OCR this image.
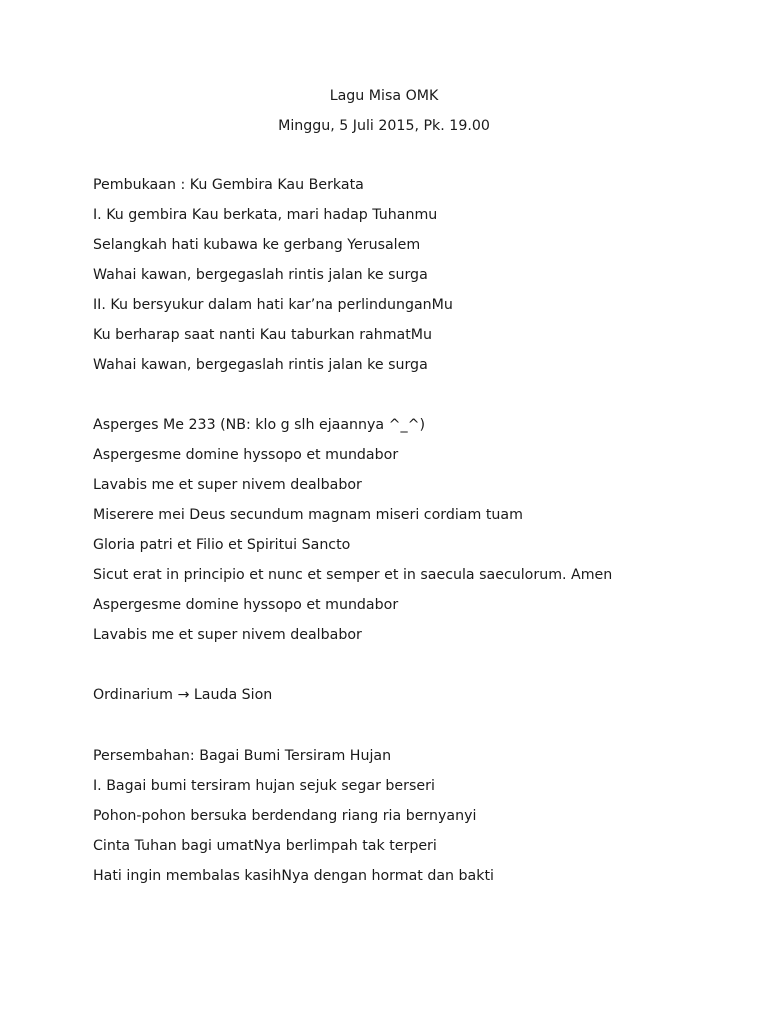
Lagu Misa OMK
Minggu, 5 Juli 2015, Pk. 19.00
Pembukaan : Ku Gembira Kau Berkata
I. Ku gembira Kau berkata, mari hadap Tuhanmu
Selangkah hati kubawa ke gerbang Yerusalem
Wahai kawan, bergegaslah rintis jalan ke surga
II. Ku bersyukur dalam hati kar’na perlindunganMu
Ku berharap saat nanti Kau taburkan rahmatMu
Wahai kawan, bergegaslah rintis jalan ke surga
Asperges Me 233 (NB: klo g slh ejaannya ^_^)
Aspergesme domine hyssopo et mundabor
Lavabis me et super nivem dealbabor
Miserere mei Deus secundum magnam miseri cordiam tuam
Gloria patri et Filio et Spiritui Sancto
Sicut erat in principio et nunc et semper et in saecula saeculorum. Amen
Aspergesme domine hyssopo et mundabor
Lavabis me et super nivem dealbabor
Ordinarium → Lauda Sion
Persembahan: Bagai Bumi Tersiram Hujan
I. Bagai bumi tersiram hujan sejuk segar berseri
Pohon-pohon bersuka berdendang riang ria bernyanyi
Cinta Tuhan bagi umatNya berlimpah tak terperi
Hati ingin membalas kasihNya dengan hormat dan bakti
